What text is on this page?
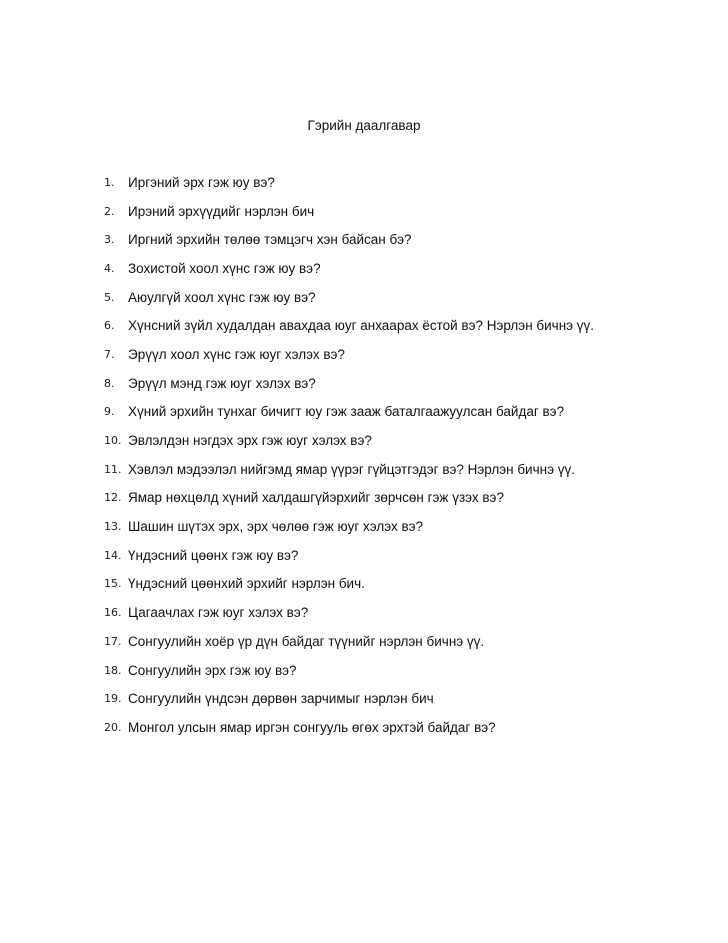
Гэрийн даалгавар
1.	Иргэний эрх гэж юу вэ?
2.	Ирэний эрхүүдийг нэрлэн бич
3.	Иргний эрхийн төлөө тэмцэгч хэн байсан бэ?
4.	Зохистой хоол хүнс гэж юу вэ?
5.	Аюулгүй хоол хүнс гэж юу вэ?
6.	Хүнсний зүйл худалдан авахдаа юуг анхаарах ёстой вэ? Нэрлэн бичнэ үү.
7.	Эрүүл хоол хүнс гэж юуг хэлэх вэ?
8.	Эрүүл мэнд гэж юуг хэлэх вэ?
9.	Хүний эрхийн тунхаг бичигт юу гэж зааж баталгаажуулсан байдаг вэ?
10. Эвлэлдэн нэгдэх эрх гэж юуг хэлэх вэ?
11. Хэвлэл мэдээлэл нийгэмд ямар үүрэг гүйцэтгэдэг вэ? Нэрлэн бичнэ үү.
12. Ямар нөхцөлд хүний халдашгүйэрхийг зөрчсөн гэж үзэх вэ?
13. Шашин шүтэх эрх, эрх чөлөө гэж юуг хэлэх вэ?
14. Үндэсний цөөнх гэж юу вэ?
15. Үндэсний цөөнхий эрхийг нэрлэн бич.
16. Цагаачлах гэж юуг хэлэх вэ?
17. Сонгуулийн хоёр үр дүн байдаг түүнийг нэрлэн бичнэ үү.
18. Сонгуулийн эрх гэж юу вэ?
19. Сонгуулийн үндсэн дөрвөн зарчимыг нэрлэн бич
20. Монгол улсын ямар иргэн сонгууль өгөх эрхтэй байдаг вэ?
